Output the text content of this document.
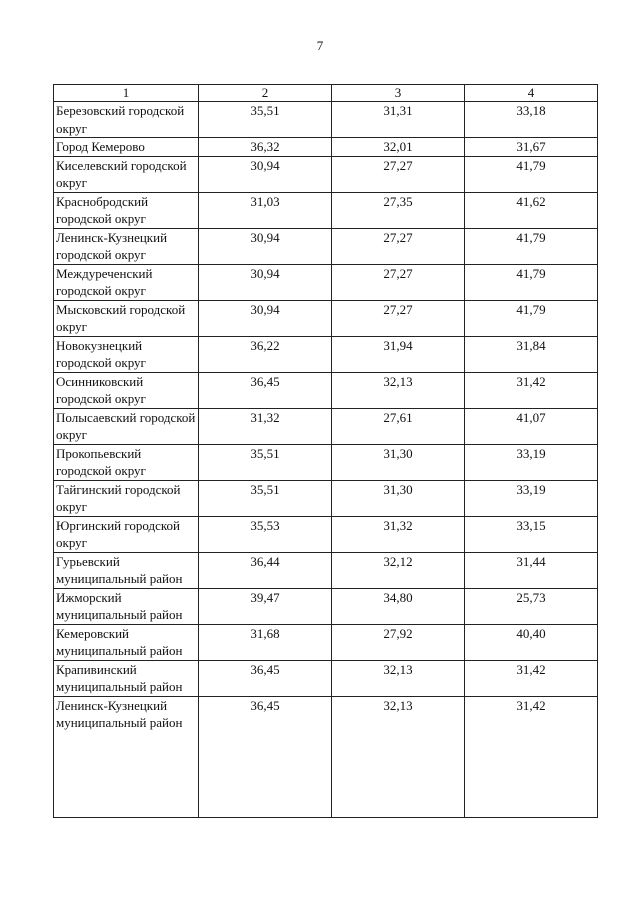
7
1	2	3	4
Березовский городской округ	35,51	31,31	33,18
Город Кемерово	36,32	32,01	31,67
Киселевский городской округ	30,94	27,27	41,79
Краснобродский городской округ	31,03	27,35	41,62
Ленинск-Кузнецкий городской округ	30,94	27,27	41,79
Междуреченский городской округ	30,94	27,27	41,79
Мысковский городской округ	30,94	27,27	41,79
Новокузнецкий городской округ	36,22	31,94	31,84
Осинниковский городской округ	36,45	32,13	31,42
Полысаевский городской округ	31,32	27,61	41,07
Прокопьевский городской округ	35,51	31,30	33,19
Тайгинский городской округ	35,51	31,30	33,19
Юргинский городской округ	35,53	31,32	33,15
Гурьевский муниципальный район	36,44	32,12	31,44
Ижморский муниципальный район	39,47	34,80	25,73
Кемеровский муниципальный район	31,68	27,92	40,40
Крапивинский муниципальный район	36,45	32,13	31,42
Ленинск-Кузнецкий муниципальный район	36,45	32,13	31,42
